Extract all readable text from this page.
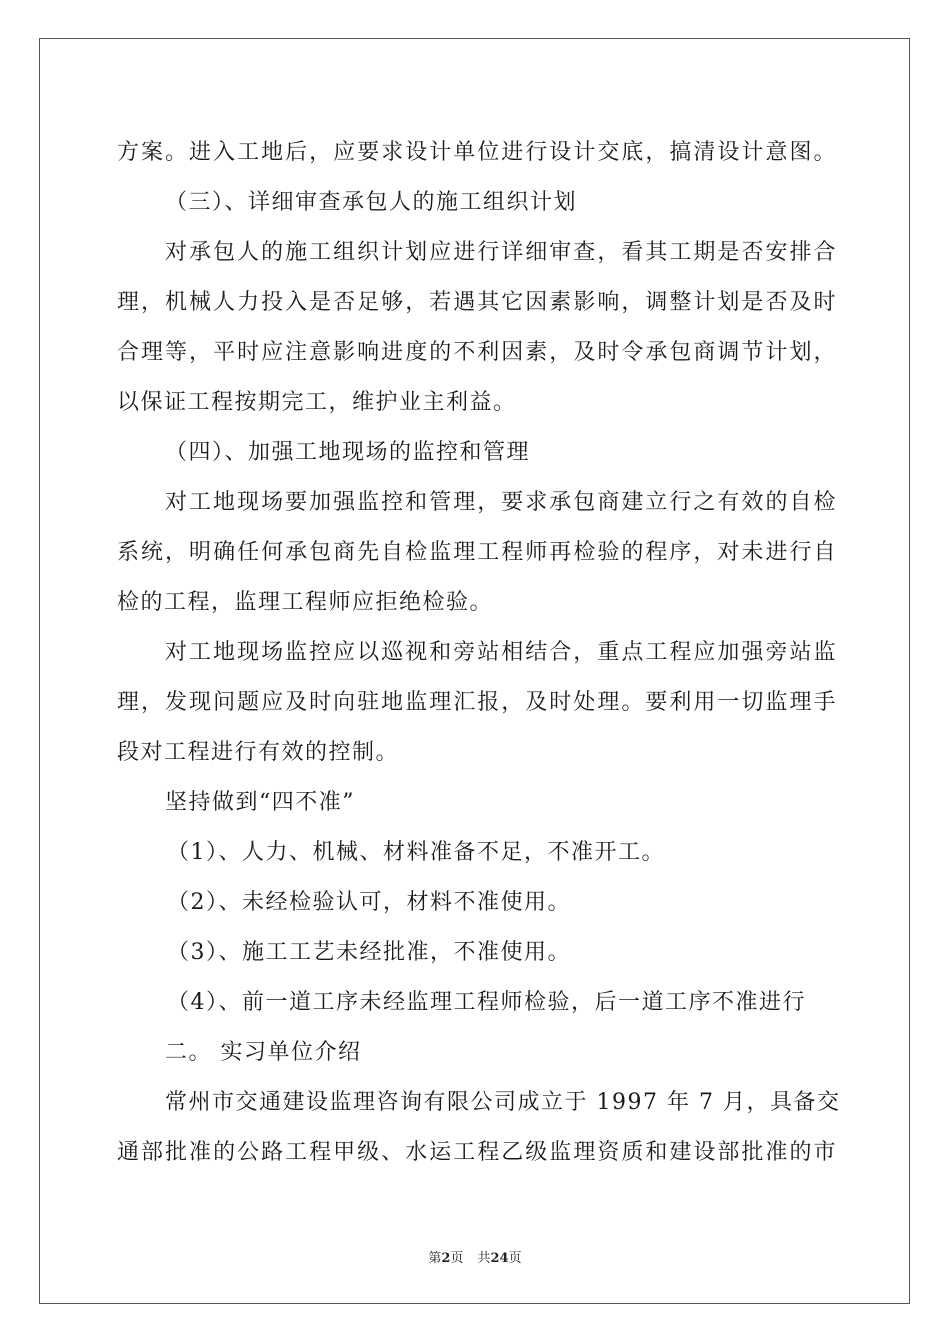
方案。进入工地后，应要求设计单位进行设计交底，搞清设计意图。
（三）、详细审查承包人的施工组织计划
对承包人的施工组织计划应进行详细审查，看其工期是否安排合
理，机械人力投入是否足够，若遇其它因素影响，调整计划是否及时
合理等，平时应注意影响进度的不利因素，及时令承包商调节计划，
以保证工程按期完工，维护业主利益。
（四）、加强工地现场的监控和管理
对工地现场要加强监控和管理，要求承包商建立行之有效的自检
系统，明确任何承包商先自检监理工程师再检验的程序，对未进行自
检的工程，监理工程师应拒绝检验。
对工地现场监控应以巡视和旁站相结合，重点工程应加强旁站监
理，发现问题应及时向驻地监理汇报，及时处理。要利用一切监理手
段对工程进行有效的控制。
坚持做到“四不准”
（1）、人力、机械、材料准备不足，不准开工。
（2）、未经检验认可，材料不准使用。
（3）、施工工艺未经批准，不准使用。
（4）、前一道工序未经监理工程师检验，后一道工序不准进行
二。 实习单位介绍
常州市交通建设监理咨询有限公司成立于 1997 年 7 月，具备交
通部批准的公路工程甲级、水运工程乙级监理资质和建设部批准的市
第2页 共24页
